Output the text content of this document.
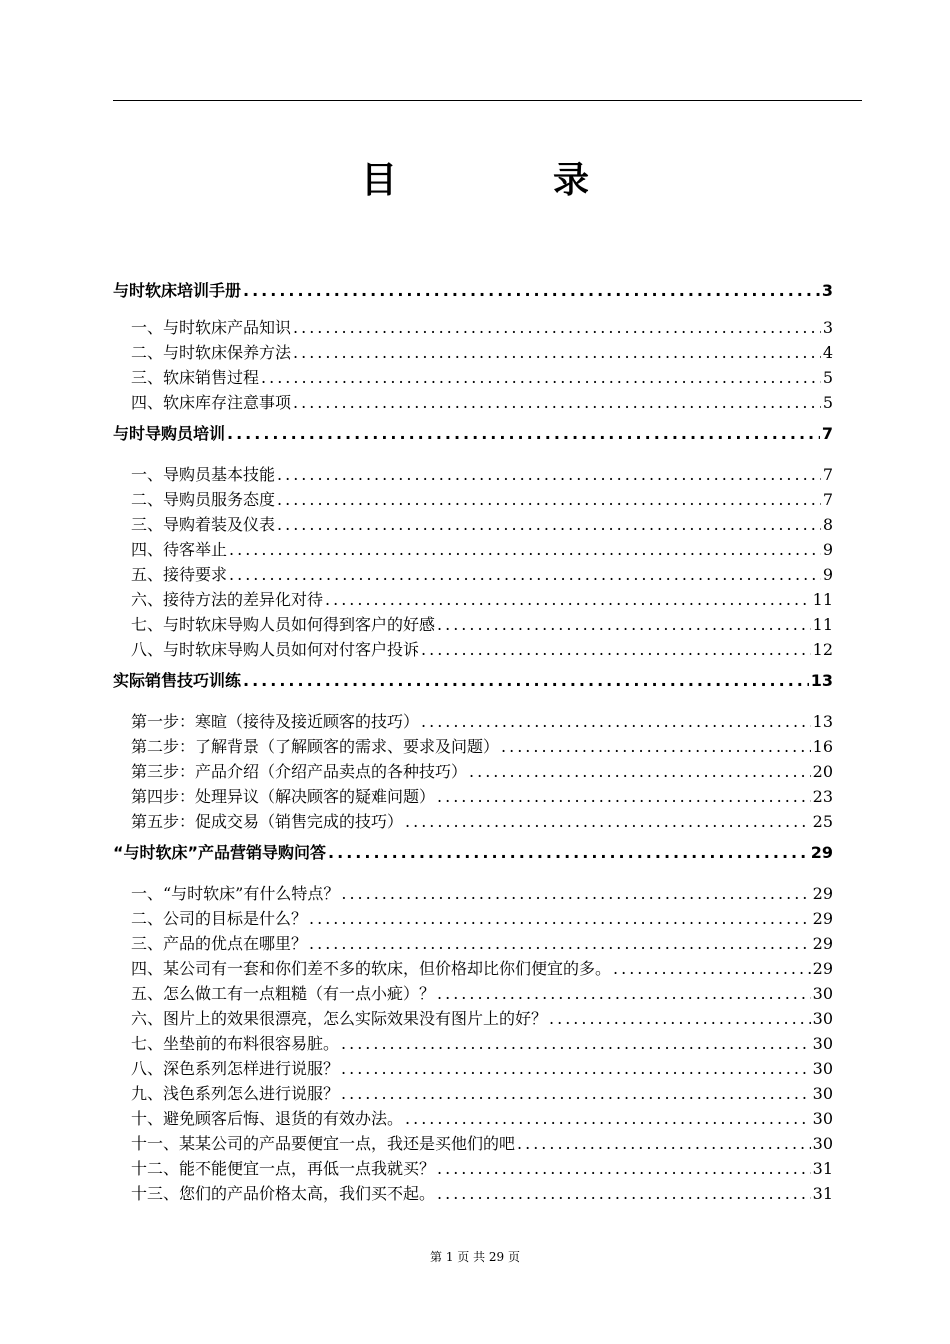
目　录
与时软床培训手册 .....	3
一、与时软床产品知识 .....	3
二、与时软床保养方法 .....	4
三、软床销售过程 .....	5
四、软床库存注意事项 .....	5
与时导购员培训 .....	7
一、导购员基本技能 .....	7
二、导购员服务态度 .....	7
三、导购着装及仪表 .....	8
四、待客举止 .....	9
五、接待要求 .....	9
六、接待方法的差异化对待 .....	11
七、与时软床导购人员如何得到客户的好感 .....	11
八、与时软床导购人员如何对付客户投诉 .....	12
实际销售技巧训练 .....	13
第一步：寒暄（接待及接近顾客的技巧） .....	13
第二步：了解背景（了解顾客的需求、要求及问题） .....	16
第三步：产品介绍（介绍产品卖点的各种技巧） .....	20
第四步：处理异议（解决顾客的疑难问题） .....	23
第五步：促成交易（销售完成的技巧） .....	25
“与时软床”产品营销导购问答 .....	29
一、“与时软床”有什么特点？ .....	29
二、公司的目标是什么？ .....	29
三、产品的优点在哪里？ .....	29
四、某公司有一套和你们差不多的软床，但价格却比你们便宜的多。 .....	29
五、怎么做工有一点粗糙（有一点小疵）？ .....	30
六、图片上的效果很漂亮，怎么实际效果没有图片上的好？ .....	30
七、坐垫前的布料很容易脏。 .....	30
八、深色系列怎样进行说服？ .....	30
九、浅色系列怎么进行说服？ .....	30
十、避免顾客后悔、退货的有效办法。 .....	30
十一、某某公司的产品要便宜一点，我还是买他们的吧 .....	30
十二、能不能便宜一点，再低一点我就买？ .....	31
十三、您们的产品价格太高，我们买不起。 .....	31
第 1 页 共 29 页
